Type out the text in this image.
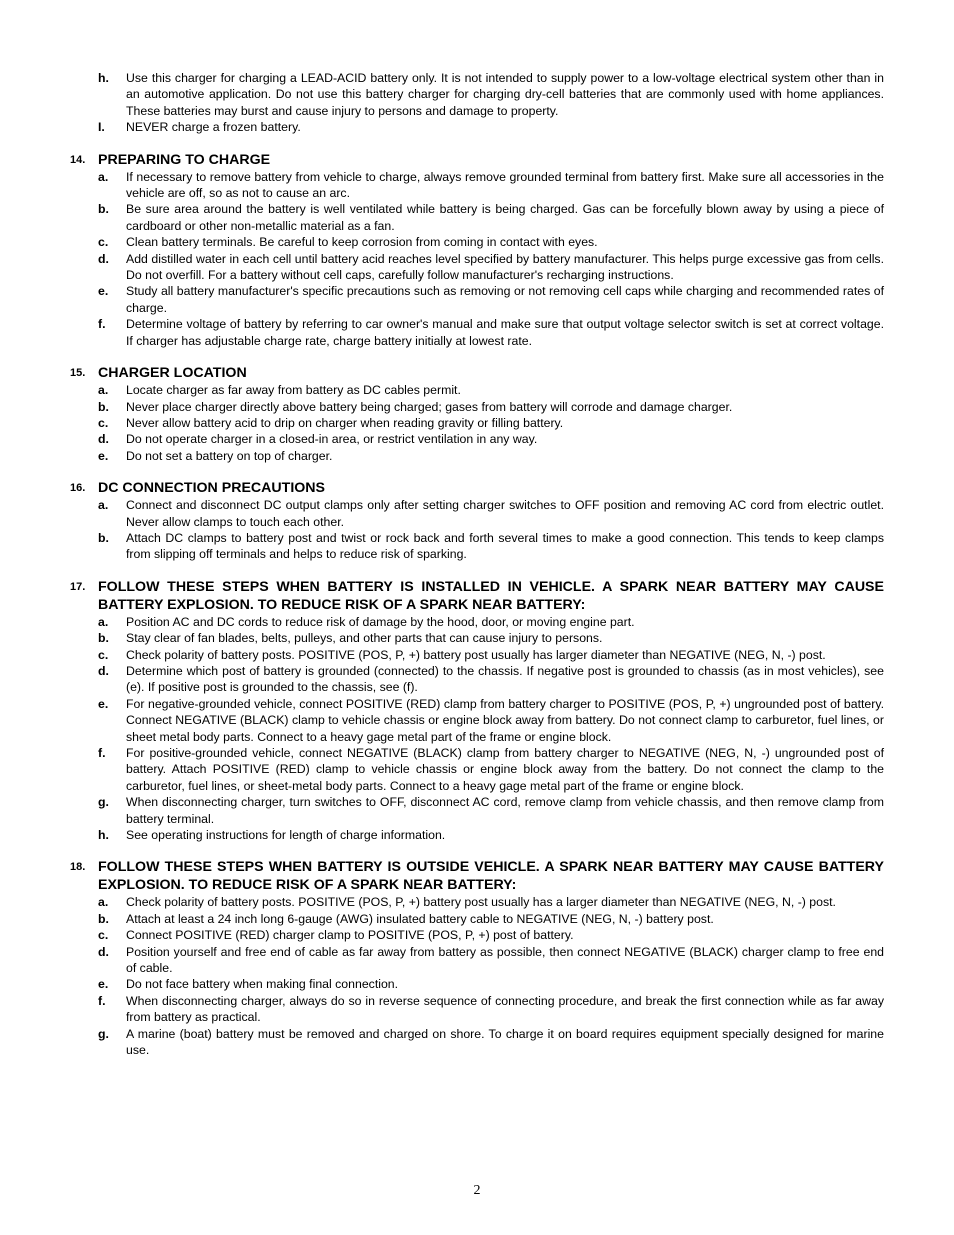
h.	Use this charger for charging a LEAD-ACID battery only. It is not intended to supply power to a low-voltage electrical system other than in an automotive application. Do not use this battery charger for charging dry-cell batteries that are commonly used with home appliances. These batteries may burst and cause injury to persons and damage to property.
I.	NEVER charge a frozen battery.
14. PREPARING TO CHARGE
a.	If necessary to remove battery from vehicle to charge, always remove grounded terminal from battery first. Make sure all accessories in the vehicle are off, so as not to cause an arc.
b.	Be sure area around the battery is well ventilated while battery is being charged. Gas can be forcefully blown away by using a piece of cardboard or other non-metallic material as a fan.
c.	Clean battery terminals. Be careful to keep corrosion from coming in contact with eyes.
d.	Add distilled water in each cell until battery acid reaches level specified by battery manufacturer. This helps purge excessive gas from cells. Do not overfill. For a battery without cell caps, carefully follow manufacturer's recharging instructions.
e.	Study all battery manufacturer's specific precautions such as removing or not removing cell caps while charging and recommended rates of charge.
f.	Determine voltage of battery by referring to car owner's manual and make sure that output voltage selector switch is set at correct voltage. If charger has adjustable charge rate, charge battery initially at lowest rate.
15. CHARGER LOCATION
a.	Locate charger as far away from battery as DC cables permit.
b.	Never place charger directly above battery being charged; gases from battery will corrode and damage charger.
c.	Never allow battery acid to drip on charger when reading gravity or filling battery.
d.	Do not operate charger in a closed-in area, or restrict ventilation in any way.
e.	Do not set a battery on top of charger.
16. DC CONNECTION PRECAUTIONS
a.	Connect and disconnect DC output clamps only after setting charger switches to OFF position and removing AC cord from electric outlet. Never allow clamps to touch each other.
b.	Attach DC clamps to battery post and twist or rock back and forth several times to make a good connection. This tends to keep clamps from slipping off terminals and helps to reduce risk of sparking.
17. FOLLOW THESE STEPS WHEN BATTERY IS INSTALLED IN VEHICLE. A SPARK NEAR BATTERY MAY CAUSE BATTERY EXPLOSION. TO REDUCE RISK OF A SPARK NEAR BATTERY:
a.	Position AC and DC cords to reduce risk of damage by the hood, door, or moving engine part.
b.	Stay clear of fan blades, belts, pulleys, and other parts that can cause injury to persons.
c.	Check polarity of battery posts. POSITIVE (POS, P, +) battery post usually has larger diameter than NEGATIVE (NEG, N, -) post.
d.	Determine which post of battery is grounded (connected) to the chassis. If negative post is grounded to chassis (as in most vehicles), see (e). If positive post is grounded to the chassis, see (f).
e.	For negative-grounded vehicle, connect POSITIVE (RED) clamp from battery charger to POSITIVE (POS, P, +) ungrounded post of battery. Connect NEGATIVE (BLACK) clamp to vehicle chassis or engine block away from battery. Do not connect clamp to carburetor, fuel lines, or sheet metal body parts. Connect to a heavy gage metal part of the frame or engine block.
f.	For positive-grounded vehicle, connect NEGATIVE (BLACK) clamp from battery charger to NEGATIVE (NEG, N, -) ungrounded post of battery. Attach POSITIVE (RED) clamp to vehicle chassis or engine block away from the battery. Do not connect the clamp to the carburetor, fuel lines, or sheet-metal body parts. Connect to a heavy gage metal part of the frame or engine block.
g.	When disconnecting charger, turn switches to OFF, disconnect AC cord, remove clamp from vehicle chassis, and then remove clamp from battery terminal.
h.	See operating instructions for length of charge information.
18. FOLLOW THESE STEPS WHEN BATTERY IS OUTSIDE VEHICLE. A SPARK NEAR BATTERY MAY CAUSE BATTERY EXPLOSION. TO REDUCE RISK OF A SPARK NEAR BATTERY:
a.	Check polarity of battery posts. POSITIVE (POS, P, +) battery post usually has a larger diameter than NEGATIVE (NEG, N, -) post.
b.	Attach at least a 24 inch long 6-gauge (AWG) insulated battery cable to NEGATIVE (NEG, N, -) battery post.
c.	Connect POSITIVE (RED) charger clamp to POSITIVE (POS, P, +) post of battery.
d.	Position yourself and free end of cable as far away from battery as possible, then connect NEGATIVE (BLACK) charger clamp to free end of cable.
e.	Do not face battery when making final connection.
f.	When disconnecting charger, always do so in reverse sequence of connecting procedure, and break the first connection while as far away from battery as practical.
g.	A marine (boat) battery must be removed and charged on shore. To charge it on board requires equipment specially designed for marine use.
2
